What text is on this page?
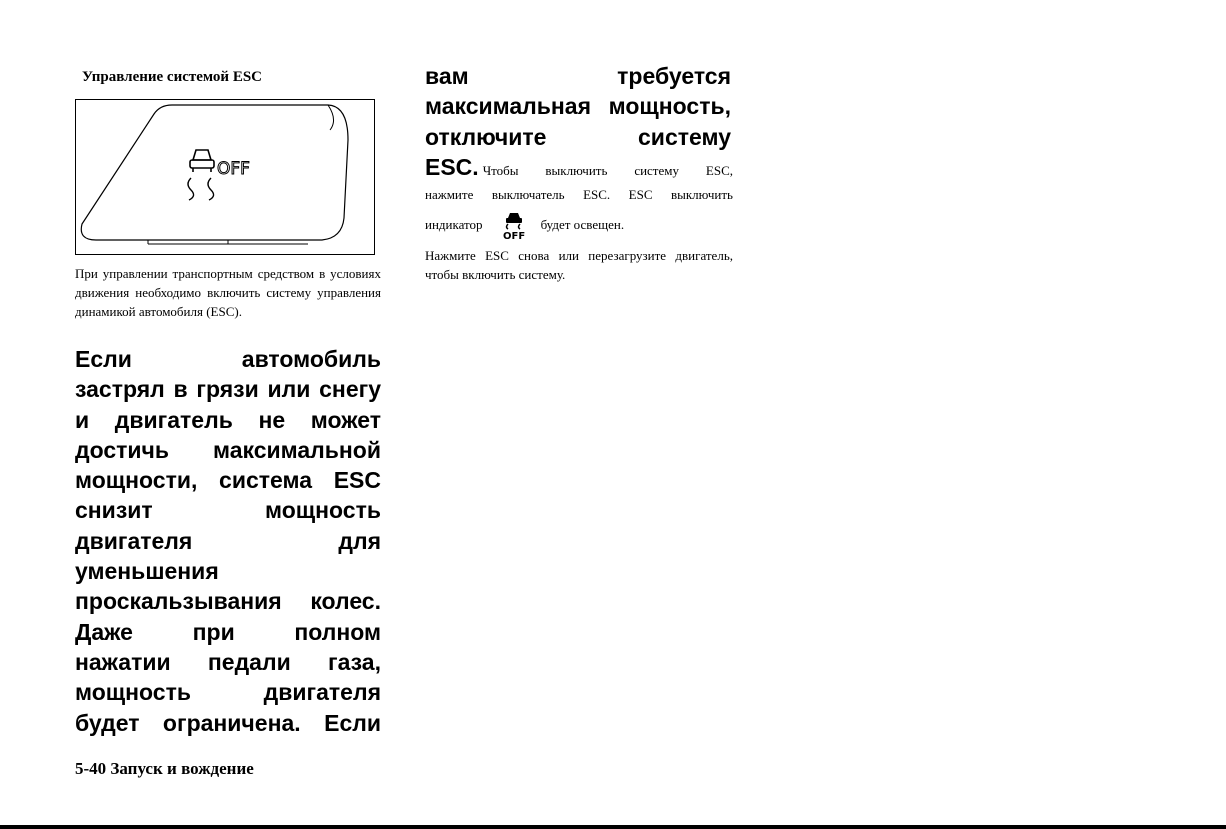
Управление системой ESC
OFF
При управлении транспортным средством в условиях движения необходимо включить систему управления динамикой автомобиля (ESC).
Если автомобиль
застрял в грязи или снегу
и двигатель не может
достичь максимальной
мощности, система ESC
снизит мощность
двигателя для
уменьшения
проскальзывания колес.
Даже при полном
нажатии педали газа,
мощность двигателя
будет ограничена. Если
вам требуется
максимальная мощность,
отключите систему
ESC. Чтобы выключить систему ESC,
нажмите выключатель ESC. ESC выключить
индикатор
OFF
будет освещен.
Нажмите ESC снова или перезагрузите двигатель, чтобы включить систему.
5-40 Запуск и вождение
